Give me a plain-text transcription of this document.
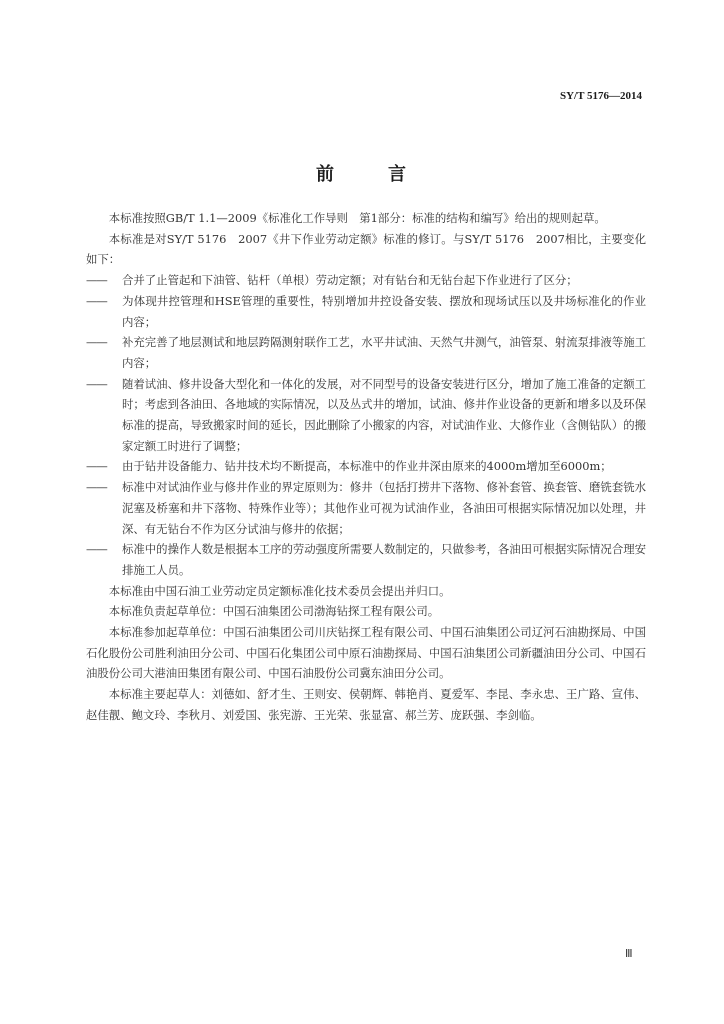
SY/T 5176—2014
前	言

本标准按照GB/T 1.1—2009《标准化工作导则　第1部分：标准的结构和编写》给出的规则起草。

本标准是对SY/T 5176　2007《井下作业劳动定额》标准的修订。与SY/T 5176　2007相比，主要变化如下：

—— 合并了止管起和下油管、钻杆（单根）劳动定额；对有钻台和无钻台起下作业进行了区分；

—— 为体现井控管理和HSE管理的重要性，特别增加井控设备安装、摆放和现场试压以及井场标准化的作业内容；

—— 补充完善了地层测试和地层跨隔测射联作工艺，水平井试油、天然气井测气，油管泵、射流泵排液等施工内容；

—— 随着试油、修井设备大型化和一体化的发展，对不同型号的设备安装进行区分，增加了施工准备的定额工时；考虑到各油田、各地域的实际情况，以及丛式井的增加，试油、修井作业设备的更新和增多以及环保标准的提高，导致搬家时间的延长，因此删除了小搬家的内容，对试油作业、大修作业（含侧钻队）的搬家定额工时进行了调整；

—— 由于钻井设备能力、钻井技术均不断提高，本标准中的作业井深由原来的4000m增加至6000m；

—— 标准中对试油作业与修井作业的界定原则为：修井（包括打捞井下落物、修补套管、换套管、磨铣套铣水泥塞及桥塞和井下落物、特殊作业等）；其他作业可视为试油作业，各油田可根据实际情况加以处理，井深、有无钻台不作为区分试油与修井的依据；

—— 标准中的操作人数是根据本工序的劳动强度所需要人数制定的，只做参考，各油田可根据实际情况合理安排施工人员。

本标准由中国石油工业劳动定员定额标准化技术委员会提出并归口。

本标准负责起草单位：中国石油集团公司渤海钻探工程有限公司。

本标准参加起草单位：中国石油集团公司川庆钻探工程有限公司、中国石油集团公司辽河石油勘探局、中国石化股份公司胜利油田分公司、中国石化集团公司中原石油勘探局、中国石油集团公司新疆油田分公司、中国石油股份公司大港油田集团有限公司、中国石油股份公司冀东油田分公司。

本标准主要起草人：刘德如、舒才生、王则安、侯朝辉、韩艳肖、夏爱军、李昆、李永忠、王广路、宣伟、赵佳靓、鲍文玲、李秋月、刘爱国、张宪游、王光荣、张显富、郝兰芳、庞跃强、李剑临。

Ⅲ
